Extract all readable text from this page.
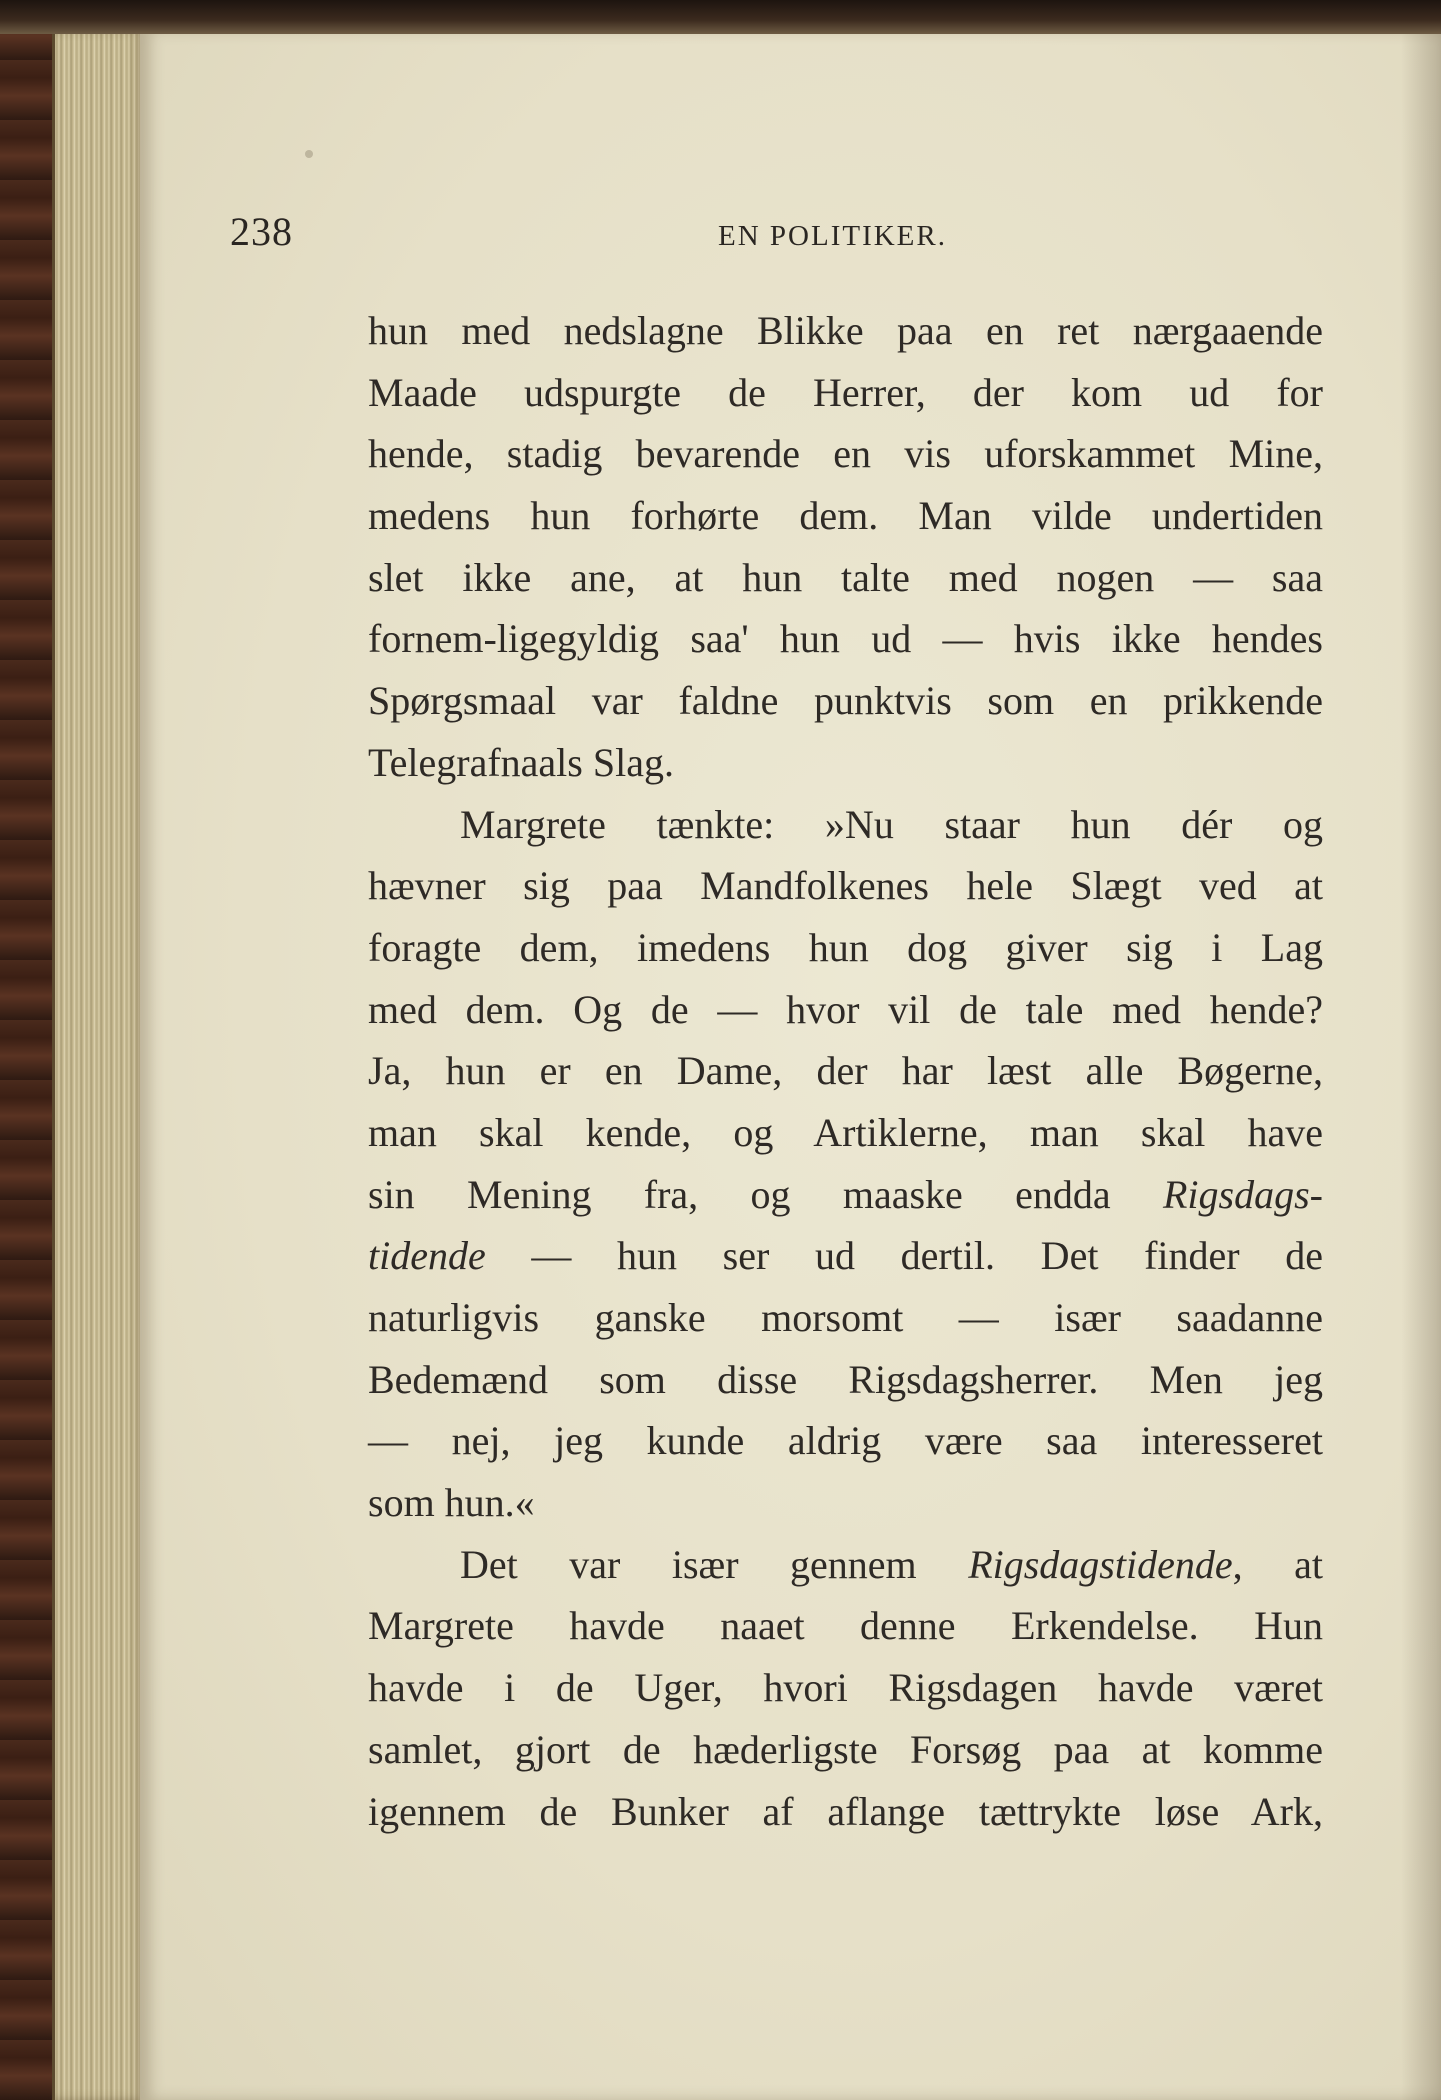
238	EN POLITIKER.
hun med nedslagne Blikke paa en ret nærgaaende
Maade udspurgte de Herrer, der kom ud for
hende, stadig bevarende en vis uforskammet Mine,
medens hun forhørte dem. Man vilde undertiden
slet ikke ane, at hun talte med nogen — saa
fornem-ligegyldig saa' hun ud — hvis ikke hendes
Spørgsmaal var faldne punktvis som en prikkende
Telegrafnaals Slag.
Margrete tænkte: »Nu staar hun dér og
hævner sig paa Mandfolkenes hele Slægt ved at
foragte dem, imedens hun dog giver sig i Lag
med dem. Og de — hvor vil de tale med hende?
Ja, hun er en Dame, der har læst alle Bøgerne,
man skal kende, og Artiklerne, man skal have
sin Mening fra, og maaske endda Rigsdags-
tidende — hun ser ud dertil. Det finder de
naturligvis ganske morsomt — især saadanne
Bedemænd som disse Rigsdagsherrer. Men jeg
— nej, jeg kunde aldrig være saa interesseret
som hun.«
Det var især gennem Rigsdagstidende, at
Margrete havde naaet denne Erkendelse. Hun
havde i de Uger, hvori Rigsdagen havde været
samlet, gjort de hæderligste Forsøg paa at komme
igennem de Bunker af aflange tættrykte løse Ark,
